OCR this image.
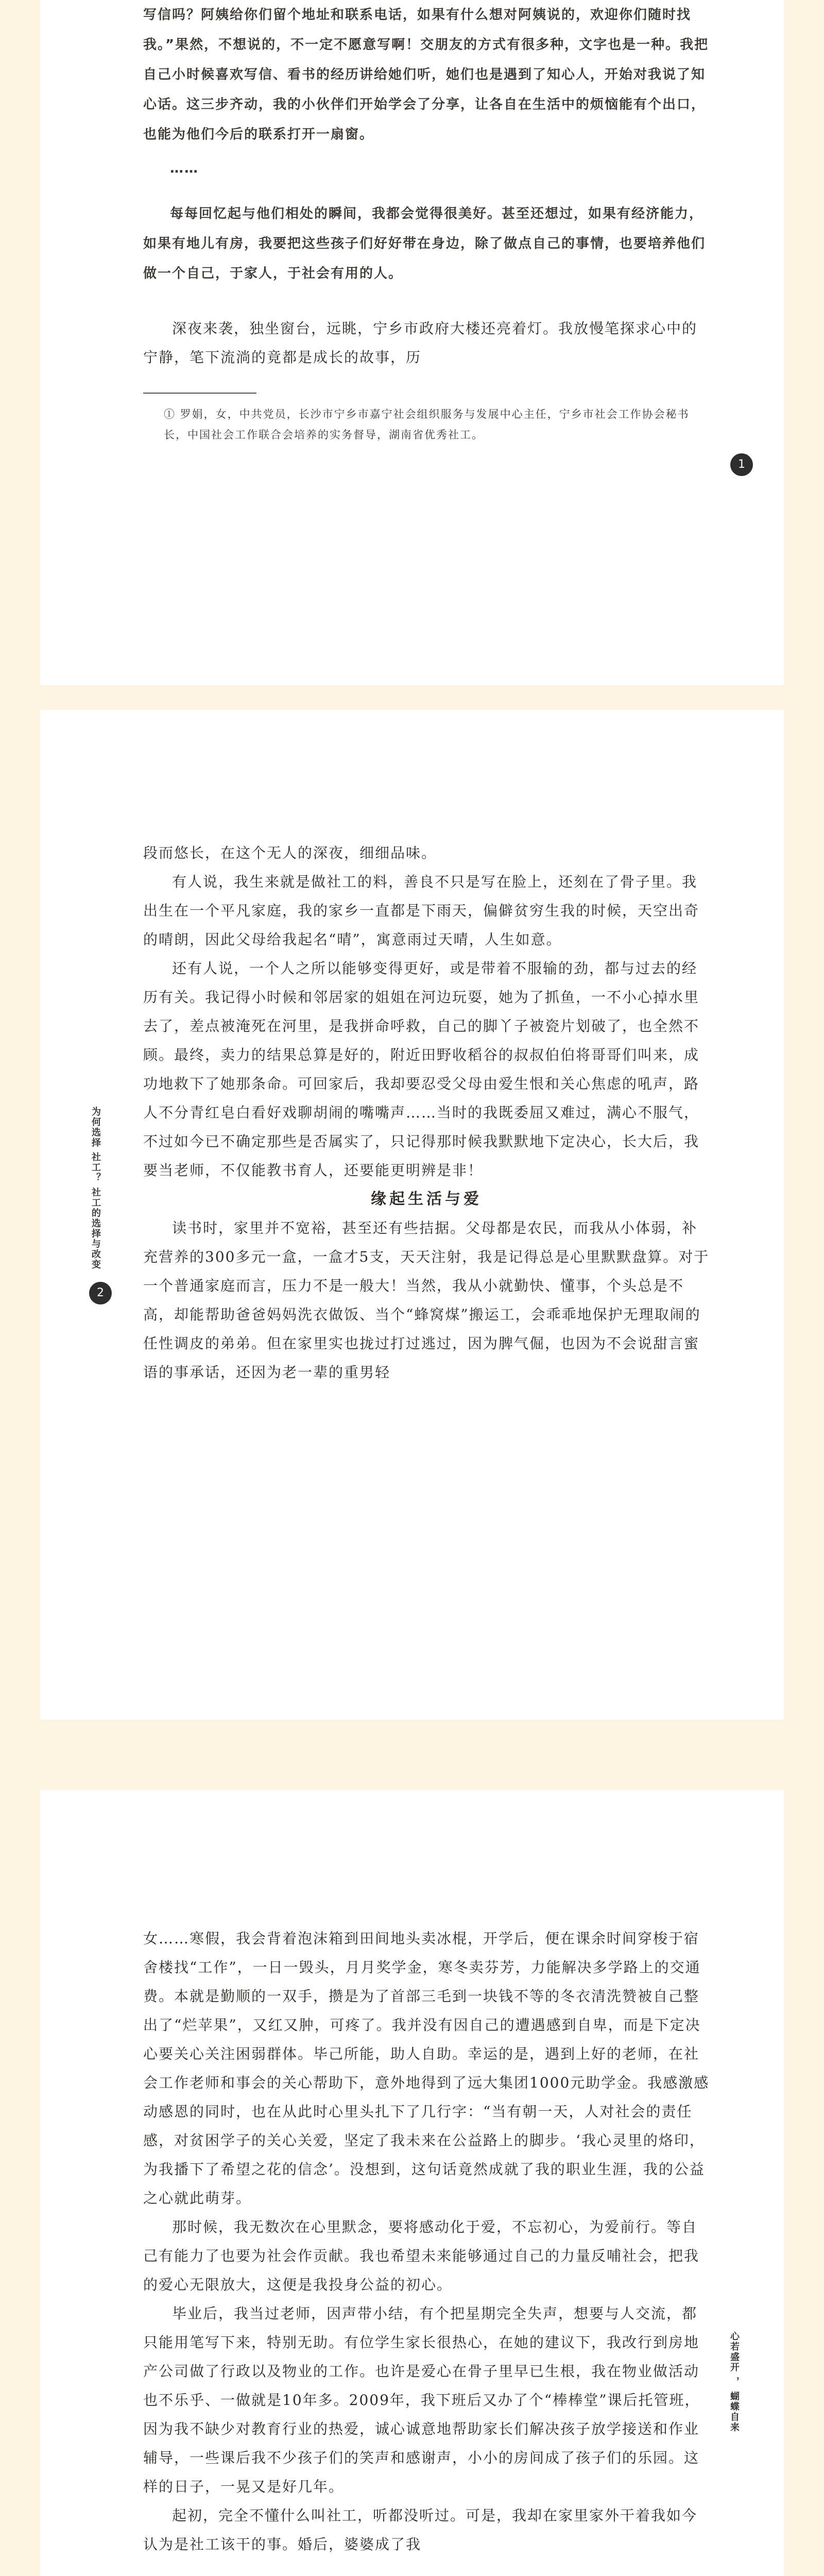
写信吗？阿姨给你们留个地址和联系电话，如果有什么想对阿姨说的，欢迎你们随时找我。”果然，不想说的，不一定不愿意写啊！交朋友的方式有很多种，文字也是一种。我把自己小时候喜欢写信、看书的经历讲给她们听，她们也是遇到了知心人，开始对我说了知心话。这三步齐动，我的小伙伴们开始学会了分享，让各自在生活中的烦恼能有个出口，也能为他们今后的联系打开一扇窗。

……

每每回忆起与他们相处的瞬间，我都会觉得很美好。甚至还想过，如果有经济能力，如果有地儿有房，我要把这些孩子们好好带在身边，除了做点自己的事情，也要培养他们做一个自己，于家人，于社会有用的人。

深夜来袭，独坐窗台，远眺，宁乡市政府大楼还亮着灯。我放慢笔探求心中的宁静，笔下流淌的竟都是成长的故事，历

① 罗娟，女，中共党员，长沙市宁乡市嘉宁社会组织服务与发展中心主任，宁乡市社会工作协会秘书长，中国社会工作联合会培养的实务督导，湖南省优秀社工。
1

段而悠长，在这个无人的深夜，细细品味。

有人说，我生来就是做社工的料，善良不只是写在脸上，还刻在了骨子里。我出生在一个平凡家庭，我的家乡一直都是下雨天，偏僻贫穷生我的时候，天空出奇的晴朗，因此父母给我起名“晴”，寓意雨过天晴，人生如意。

还有人说，一个人之所以能够变得更好，或是带着不服输的劲，都与过去的经历有关。我记得小时候和邻居家的姐姐在河边玩耍，她为了抓鱼，一不小心掉水里去了，差点被淹死在河里，是我拼命呼救，自己的脚丫子被瓷片划破了，也全然不顾。最终，卖力的结果总算是好的，附近田野收稻谷的叔叔伯伯将哥哥们叫来，成功地救下了她那条命。可回家后，我却要忍受父母由爱生恨和关心焦虑的吼声，路人不分青红皂白看好戏聊胡闹的嘴嘴声……当时的我既委屈又难过，满心不服气，不过如今已不确定那些是否属实了，只记得那时候我默默地下定决心，长大后，我要当老师，不仅能教书育人，还要能更明辨是非！

缘起生活与爱

读书时，家里并不宽裕，甚至还有些拮据。父母都是农民，而我从小体弱，补充营养的300多元一盒，一盒才5支，天天注射，我是记得总是心里默默盘算。对于一个普通家庭而言，压力不是一般大！当然，我从小就勤快、懂事，个头总是不高，却能帮助爸爸妈妈洗衣做饭、当个“蜂窝煤”搬运工，会乖乖地保护无理取闹的任性调皮的弟弟。但在家里实也拢过打过逃过，因为脾气倔，也因为不会说甜言蜜语的事承话，还因为老一辈的重男轻

为何选择 社工？ 社工的选择与改变
2

女……寒假，我会背着泡沫箱到田间地头卖冰棍，开学后，便在课余时间穿梭于宿舍楼找“工作”，一日一毁头，月月奖学金，寒冬卖芬芳，力能解决多学路上的交通费。本就是勤顺的一双手，攒是为了首部三毛到一块钱不等的冬衣清洗赞被自己整出了“烂苹果”，又红又肿，可疼了。我并没有因自己的遭遇感到自卑，而是下定决心要关心关注困弱群体。毕己所能，助人自助。幸运的是，遇到上好的老师，在社会工作老师和事会的关心帮助下，意外地得到了远大集团1000元助学金。我感激感动感恩的同时，也在从此时心里头扎下了几行字：“当有朝一天，人对社会的责任感，对贫困学子的关心关爱，坚定了我未来在公益路上的脚步。‘我心灵里的烙印，为我播下了希望之花的信念’。没想到，这句话竟然成就了我的职业生涯，我的公益之心就此萌芽。

那时候，我无数次在心里默念，要将感动化于爱，不忘初心，为爱前行。等自己有能力了也要为社会作贡献。我也希望未来能够通过自己的力量反哺社会，把我的爱心无限放大，这便是我投身公益的初心。

毕业后，我当过老师，因声带小结，有个把星期完全失声，想要与人交流，都只能用笔写下来，特别无助。有位学生家长很热心，在她的建议下，我改行到房地产公司做了行政以及物业的工作。也许是爱心在骨子里早已生根，我在物业做活动也不乐乎、一做就是10年多。2009年，我下班后又办了个“棒棒堂”课后托管班，因为我不缺少对教育行业的热爱，诚心诚意地帮助家长们解决孩子放学接送和作业辅导，一些课后我不少孩子们的笑声和感谢声，小小的房间成了孩子们的乐园。这样的日子，一晃又是好几年。

起初，完全不懂什么叫社工，听都没听过。可是，我却在家里家外干着我如今认为是社工该干的事。婚后，婆婆成了我

心若盛开 ， 蝴蝶自来
